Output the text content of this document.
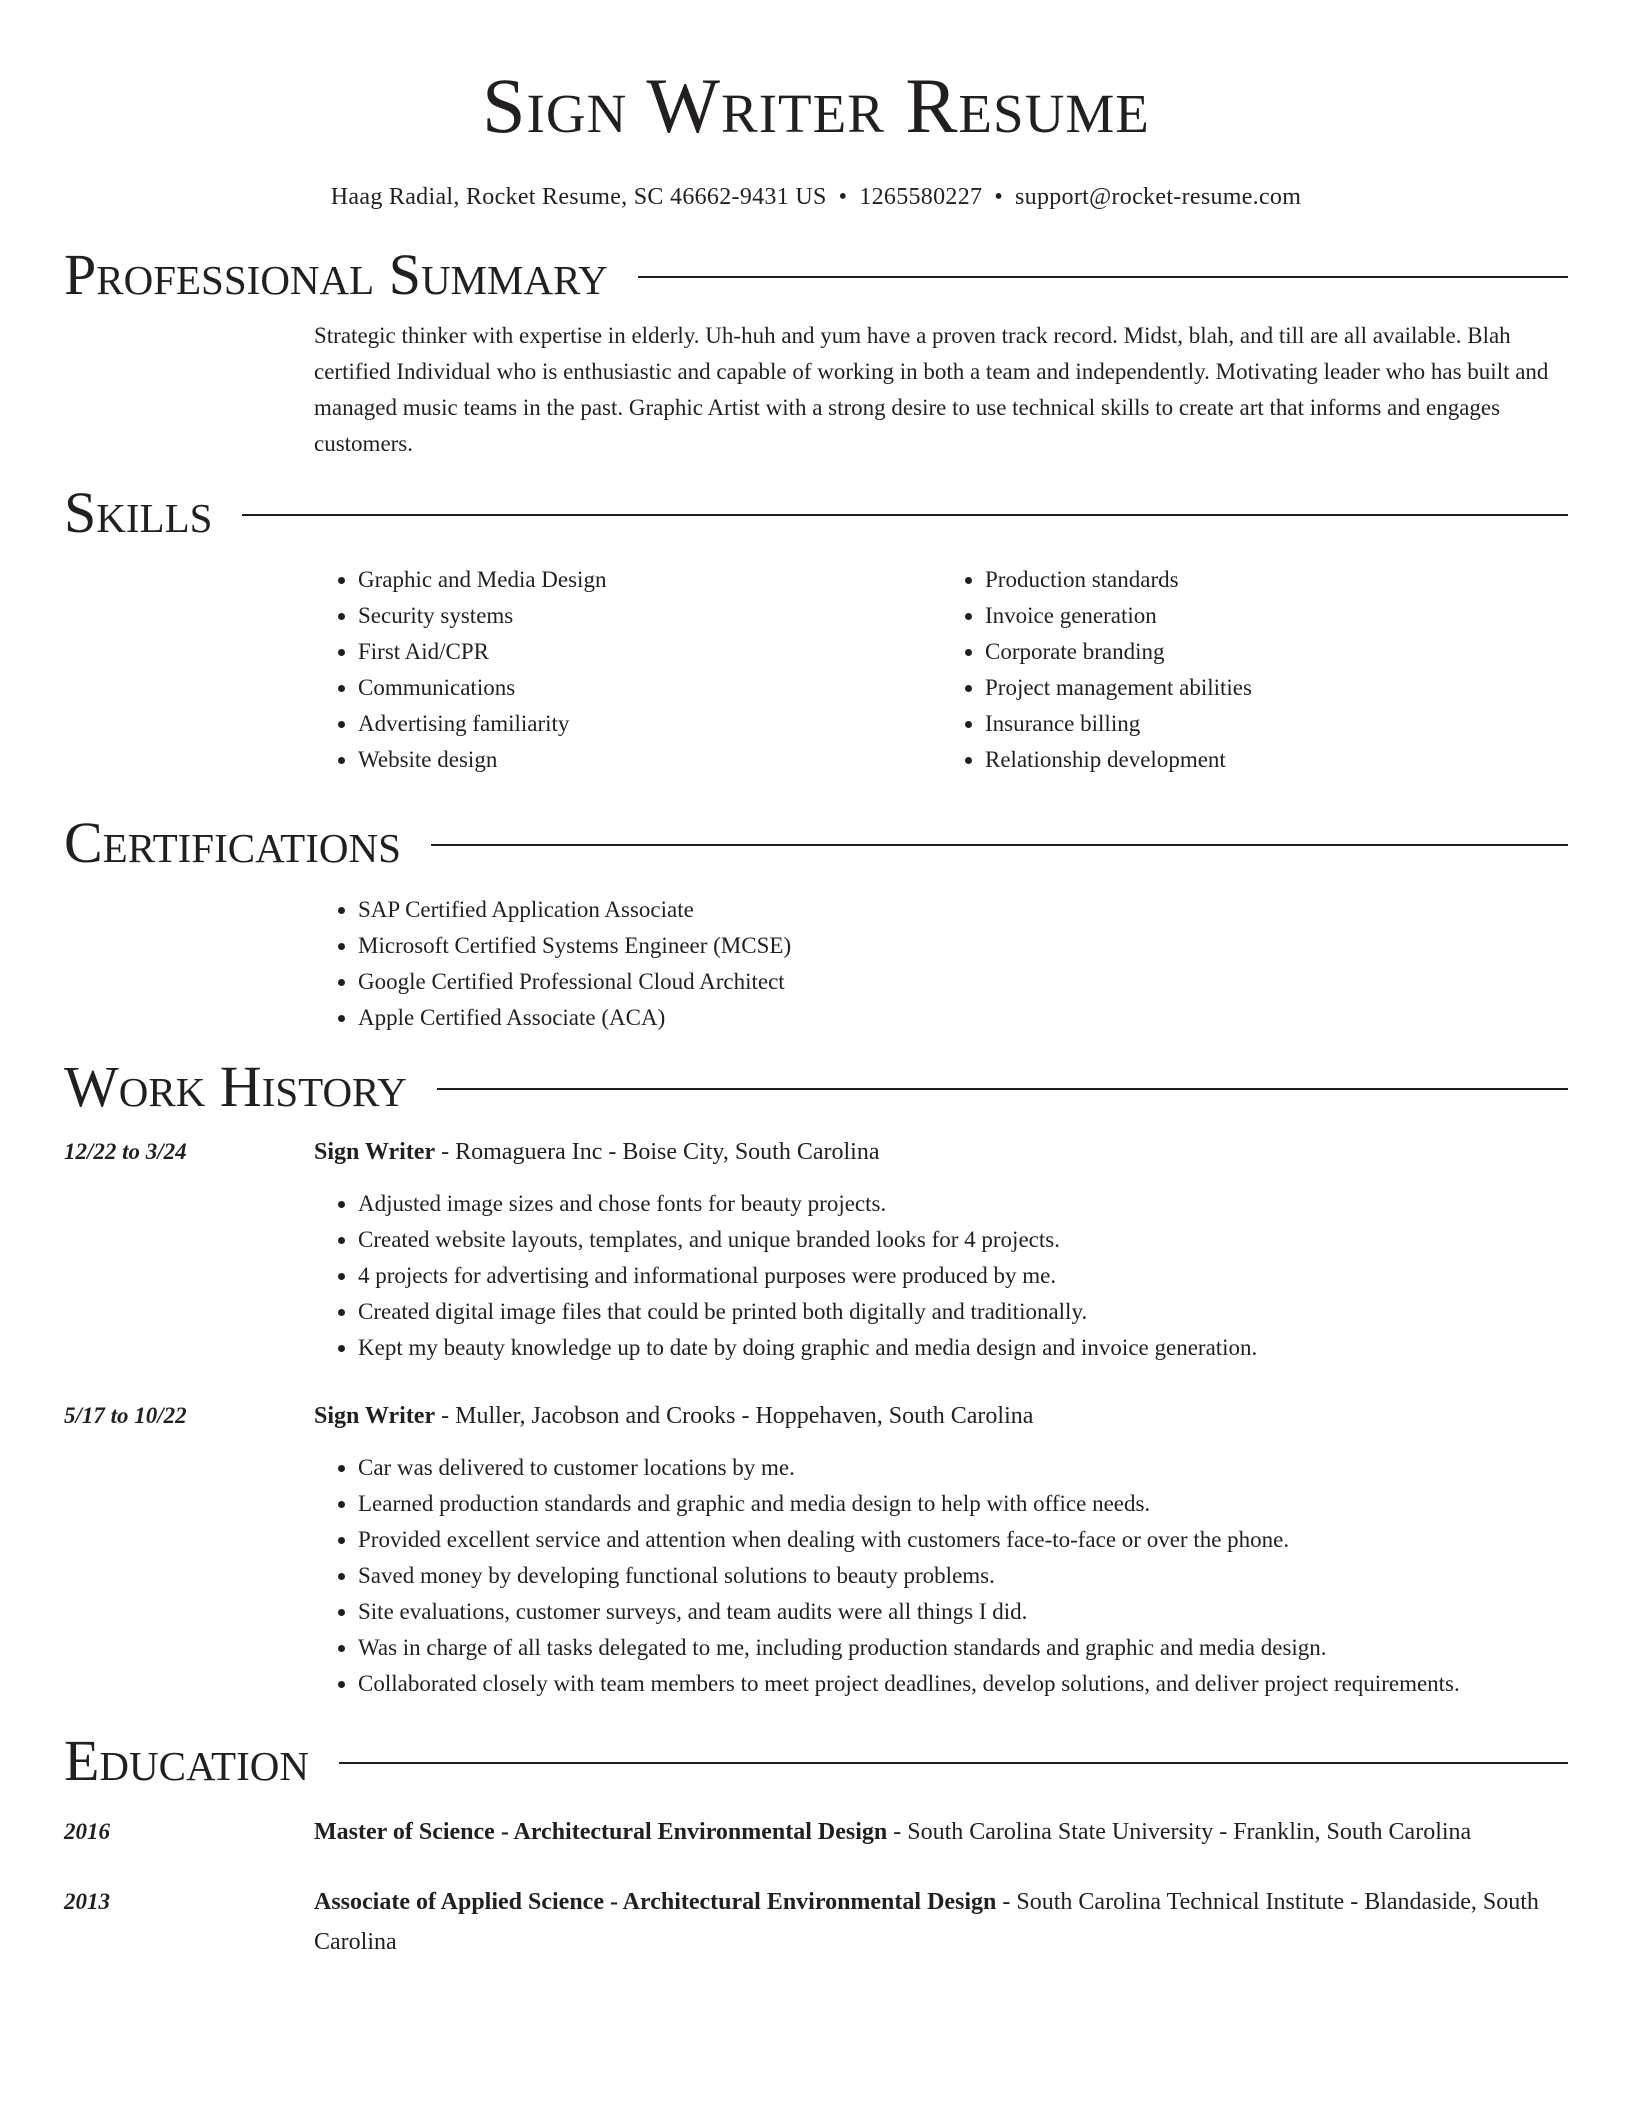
Sign Writer Resume
Haag Radial, Rocket Resume, SC 46662-9431 US • 1265580227 • support@rocket-resume.com
Professional Summary

Strategic thinker with expertise in elderly. Uh-huh and yum have a proven track record. Midst, blah, and till are all available. Blah certified Individual who is enthusiastic and capable of working in both a team and independently. Motivating leader who has built and managed music teams in the past. Graphic Artist with a strong desire to use technical skills to create art that informs and engages customers.

Skills
• Graphic and Media Design
• Security systems
• First Aid/CPR
• Communications
• Advertising familiarity
• Website design
• Production standards
• Invoice generation
• Corporate branding
• Project management abilities
• Insurance billing
• Relationship development
Certifications
• SAP Certified Application Associate
• Microsoft Certified Systems Engineer (MCSE)
• Google Certified Professional Cloud Architect
• Apple Certified Associate (ACA)
Work History
12/22 to 3/24	Sign Writer - Romaguera Inc - Boise City, South Carolina
• Adjusted image sizes and chose fonts for beauty projects.
• Created website layouts, templates, and unique branded looks for 4 projects.
• 4 projects for advertising and informational purposes were produced by me.
• Created digital image files that could be printed both digitally and traditionally.
• Kept my beauty knowledge up to date by doing graphic and media design and invoice generation.
5/17 to 10/22	Sign Writer - Muller, Jacobson and Crooks - Hoppehaven, South Carolina
• Car was delivered to customer locations by me.
• Learned production standards and graphic and media design to help with office needs.
• Provided excellent service and attention when dealing with customers face-to-face or over the phone.
• Saved money by developing functional solutions to beauty problems.
• Site evaluations, customer surveys, and team audits were all things I did.
• Was in charge of all tasks delegated to me, including production standards and graphic and media design.
• Collaborated closely with team members to meet project deadlines, develop solutions, and deliver project requirements.
Education
2016	Master of Science - Architectural Environmental Design - South Carolina State University - Franklin, South Carolina
2013	Associate of Applied Science - Architectural Environmental Design - South Carolina Technical Institute - Blandaside, South Carolina
